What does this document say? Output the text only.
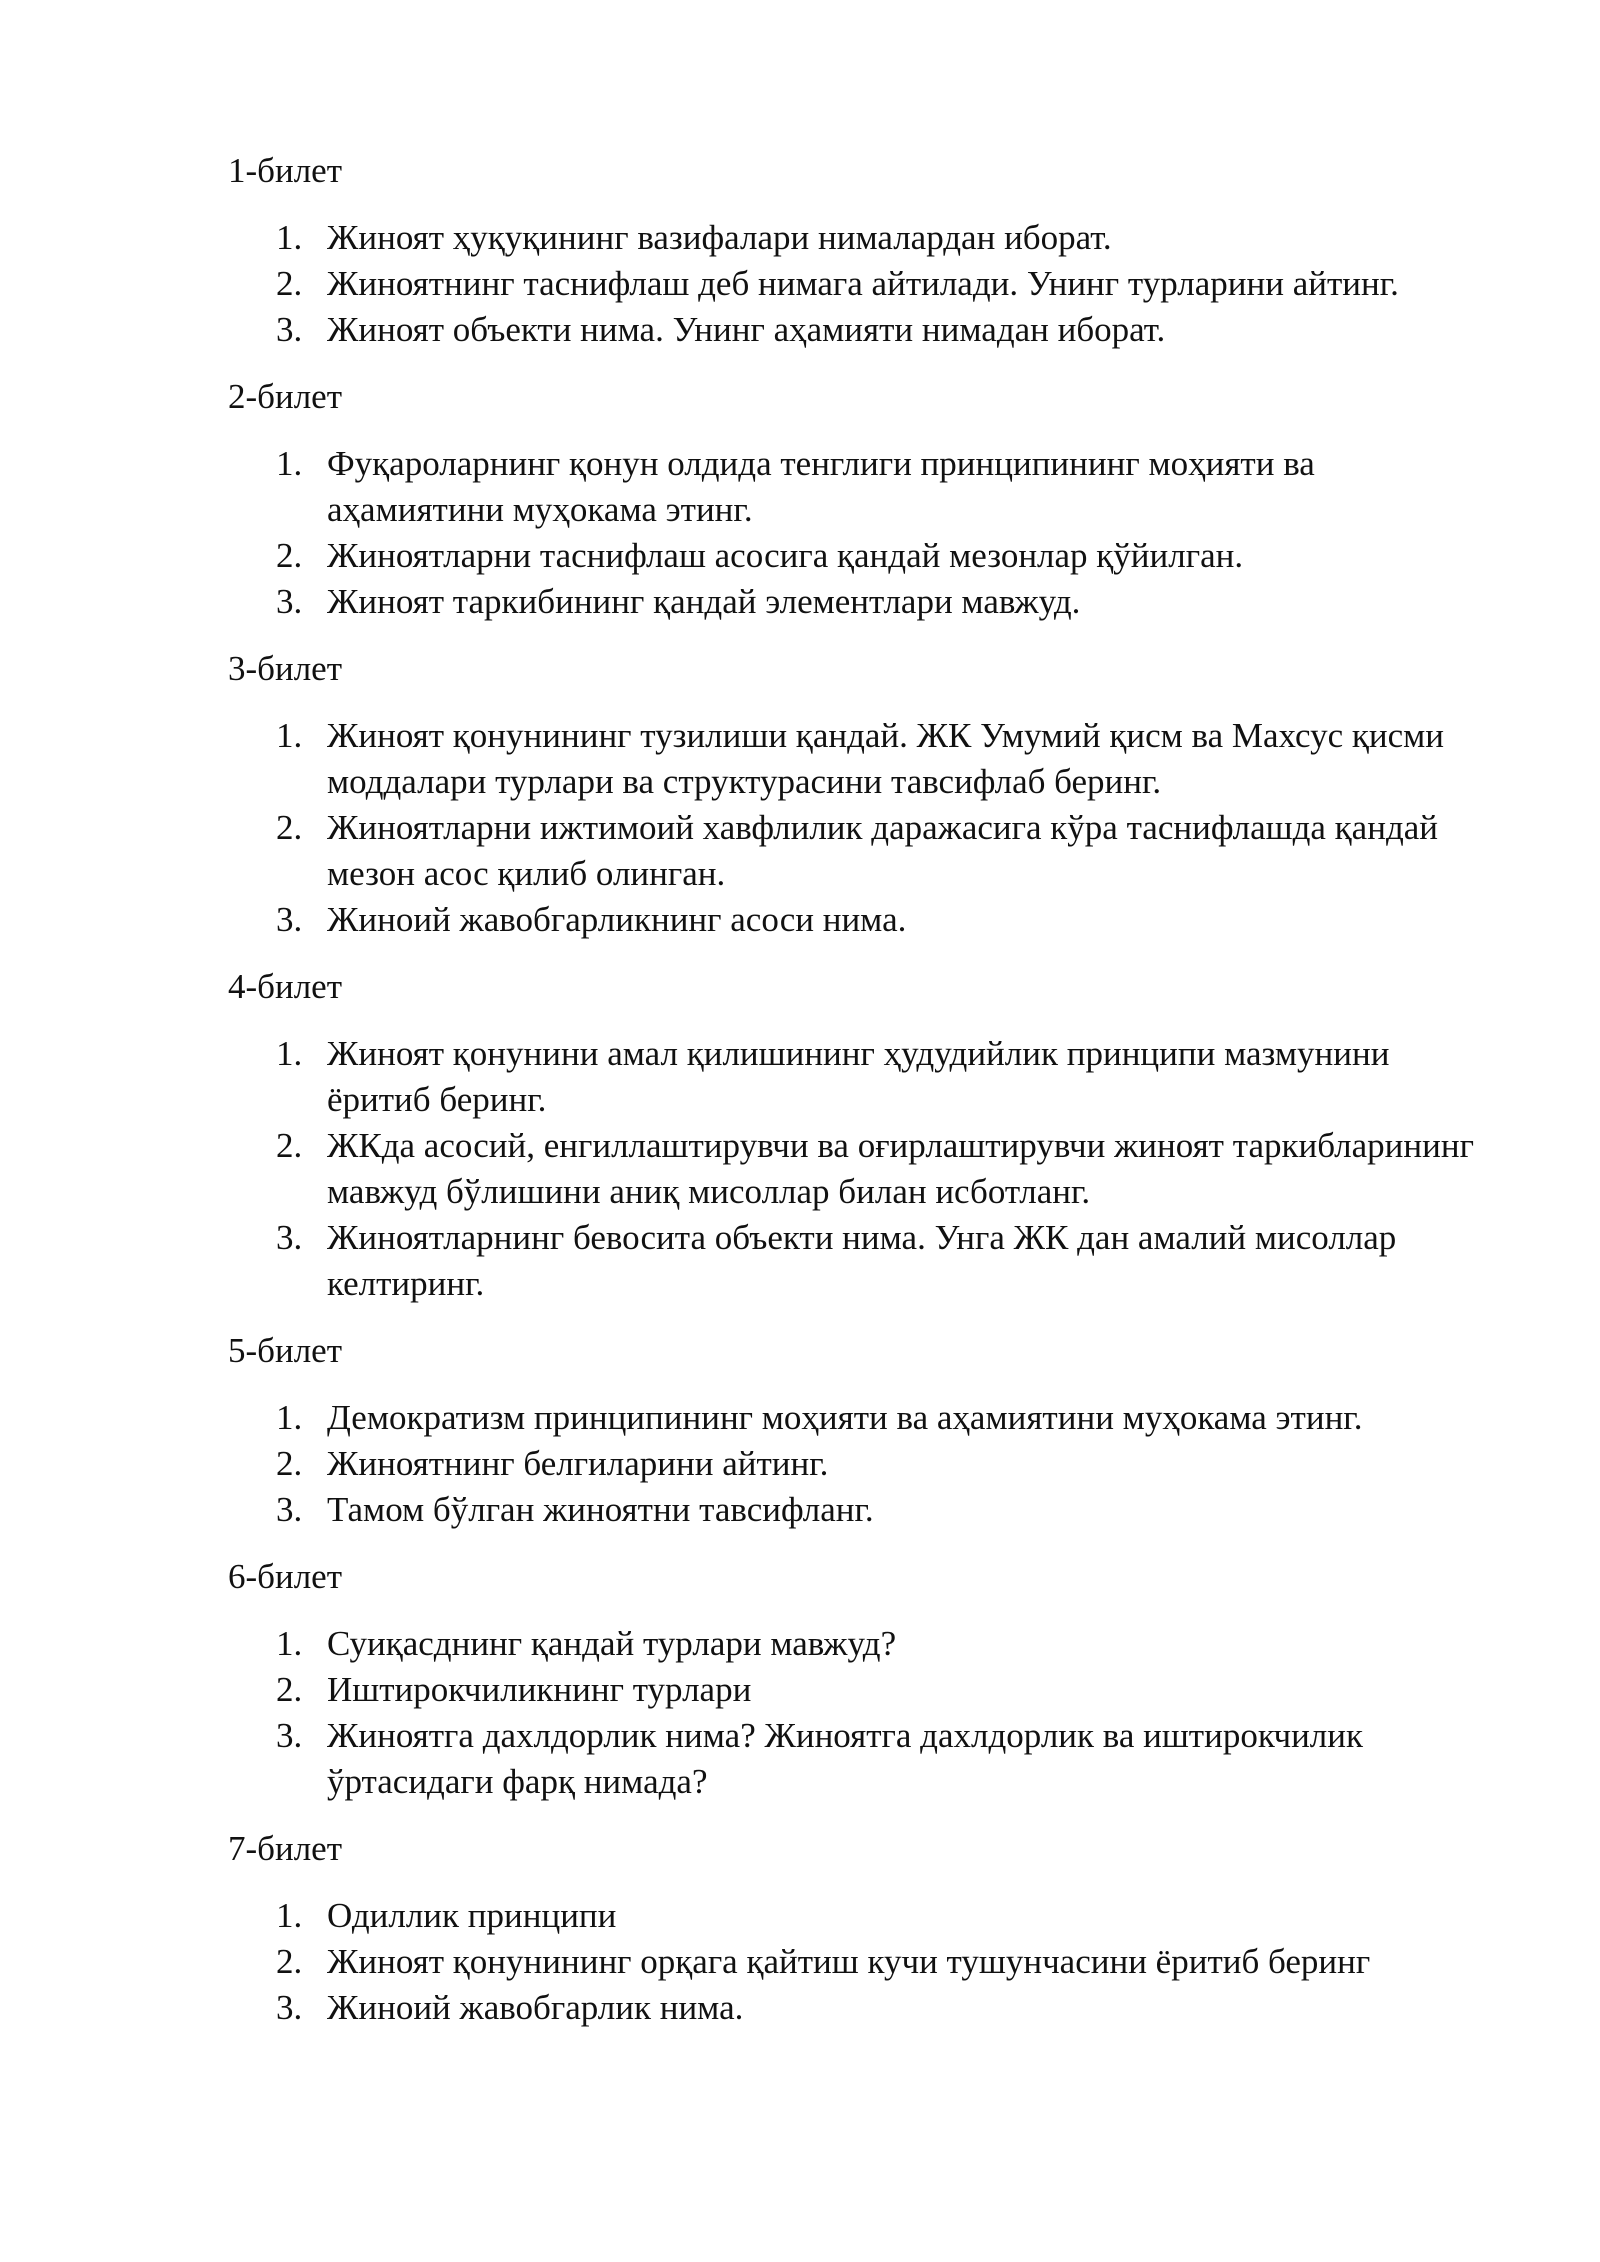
1-билет

1. Жиноят ҳуқуқининг вазифалари нималардан иборат.
2. Жиноятнинг таснифлаш деб нимага айтилади. Унинг турларини айтинг.
3. Жиноят объекти нима. Унинг аҳамияти нимадан иборат.

2-билет

1. Фуқароларнинг қонун олдида тенглиги принципининг моҳияти ва аҳамиятини муҳокама этинг.
2. Жиноятларни таснифлаш асосига қандай мезонлар қўйилган.
3. Жиноят таркибининг қандай элементлари мавжуд.

3-билет

1. Жиноят қонунининг тузилиши қандай. ЖК Умумий қисм ва Махсус қисми моддалари турлари ва структурасини тавсифлаб беринг.
2. Жиноятларни ижтимоий хавфлилик даражасига кўра таснифлашда қандай мезон асос қилиб олинган.
3. Жиноий жавобгарликнинг асоси нима.

4-билет

1. Жиноят қонунини амал қилишининг ҳудудийлик принципи мазмунини ёритиб беринг.
2. ЖКда асосий, енгиллаштирувчи ва оғирлаштирувчи жиноят таркибларининг мавжуд бўлишини аниқ мисоллар билан исботланг.
3. Жиноятларнинг бевосита объекти нима. Унга ЖК дан амалий мисоллар келтиринг.

5-билет

1. Демократизм принципининг моҳияти ва аҳамиятини муҳокама этинг.
2. Жиноятнинг белгиларини айтинг.
3. Тамом бўлган жиноятни тавсифланг.

6-билет

1. Суиқасднинг қандай турлари мавжуд?
2. Иштирокчиликнинг турлари
3. Жиноятга дахлдорлик нима? Жиноятга дахлдорлик ва иштирокчилик ўртасидаги фарқ нимада?

7-билет

1. Одиллик принципи
2. Жиноят қонунининг орқага қайтиш кучи тушунчасини ёритиб беринг
3. Жиноий жавобгарлик нима.
